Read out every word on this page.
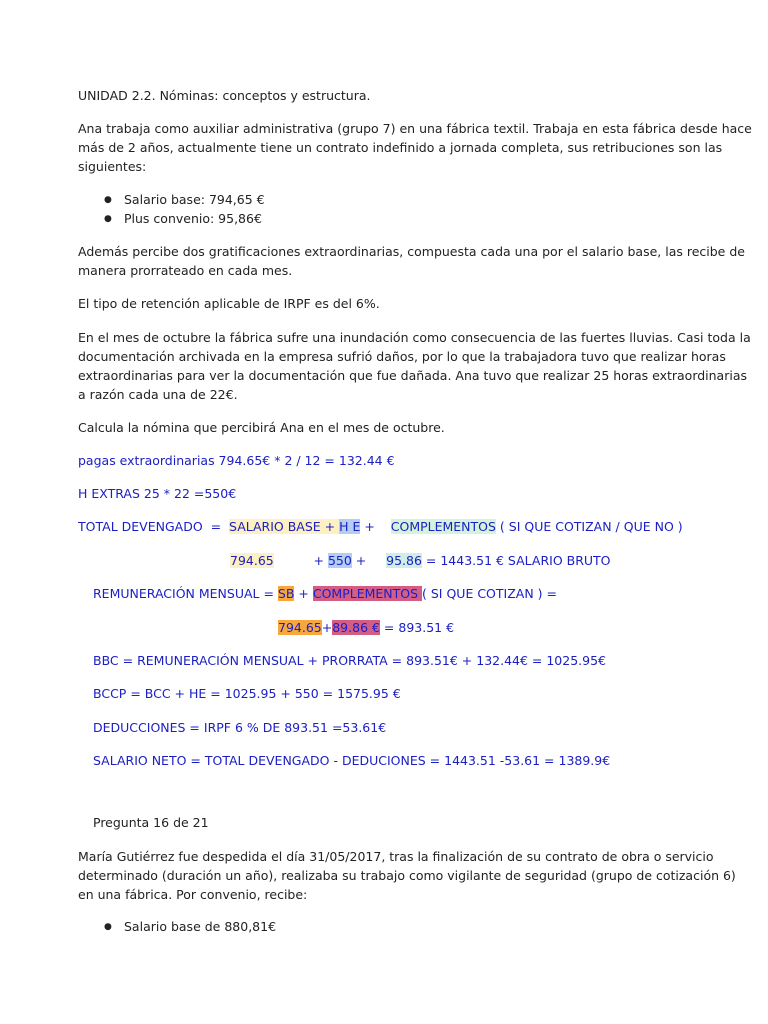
UNIDAD 2.2. Nóminas: conceptos y estructura.

Ana trabaja como auxiliar administrativa (grupo 7) en una fábrica textil. Trabaja en esta fábrica desde hace

más de 2 años, actualmente tiene un contrato indefinido a jornada completa, sus retribuciones son las

siguientes:

● Salario base: 794,65 €
● Plus convenio: 95,86€

Además percibe dos gratificaciones extraordinarias, compuesta cada una por el salario base, las recibe de

manera prorrateado en cada mes.

El tipo de retención aplicable de IRPF es del 6%.

En el mes de octubre la fábrica sufre una inundación como consecuencia de las fuertes lluvias. Casi toda la

documentación archivada en la empresa sufrió daños, por lo que la trabajadora tuvo que realizar horas

extraordinarias para ver la documentación que fue dañada. Ana tuvo que realizar 25 horas extraordinarias

a razón cada una de 22€.

Calcula la nómina que percibirá Ana en el mes de octubre.

pagas extraordinarias 794.65€ * 2 / 12 = 132.44 €

H EXTRAS 25 * 22 =550€

TOTAL DEVENGADO  =  SALARIO BASE + H E +    COMPLEMENTOS ( SI QUE COTIZAN / QUE NO )

794.65          + 550 +     95.86 = 1443.51 € SALARIO BRUTO

REMUNERACIÓN MENSUAL = SB + COMPLEMENTOS ( SI QUE COTIZAN ) =

794.65+89.86 € = 893.51 €

BBC = REMUNERACIÓN MENSUAL + PRORRATA = 893.51€ + 132.44€ = 1025.95€

BCCP = BCC + HE = 1025.95 + 550 = 1575.95 €

DEDUCCIONES = IRPF 6 % DE 893.51 =53.61€

SALARIO NETO = TOTAL DEVENGADO - DEDUCIONES = 1443.51 -53.61 = 1389.9€

Pregunta 16 de 21

María Gutiérrez fue despedida el día 31/05/2017, tras la finalización de su contrato de obra o servicio

determinado (duración un año), realizaba su trabajo como vigilante de seguridad (grupo de cotización 6)

en una fábrica. Por convenio, recibe:

● Salario base de 880,81€
